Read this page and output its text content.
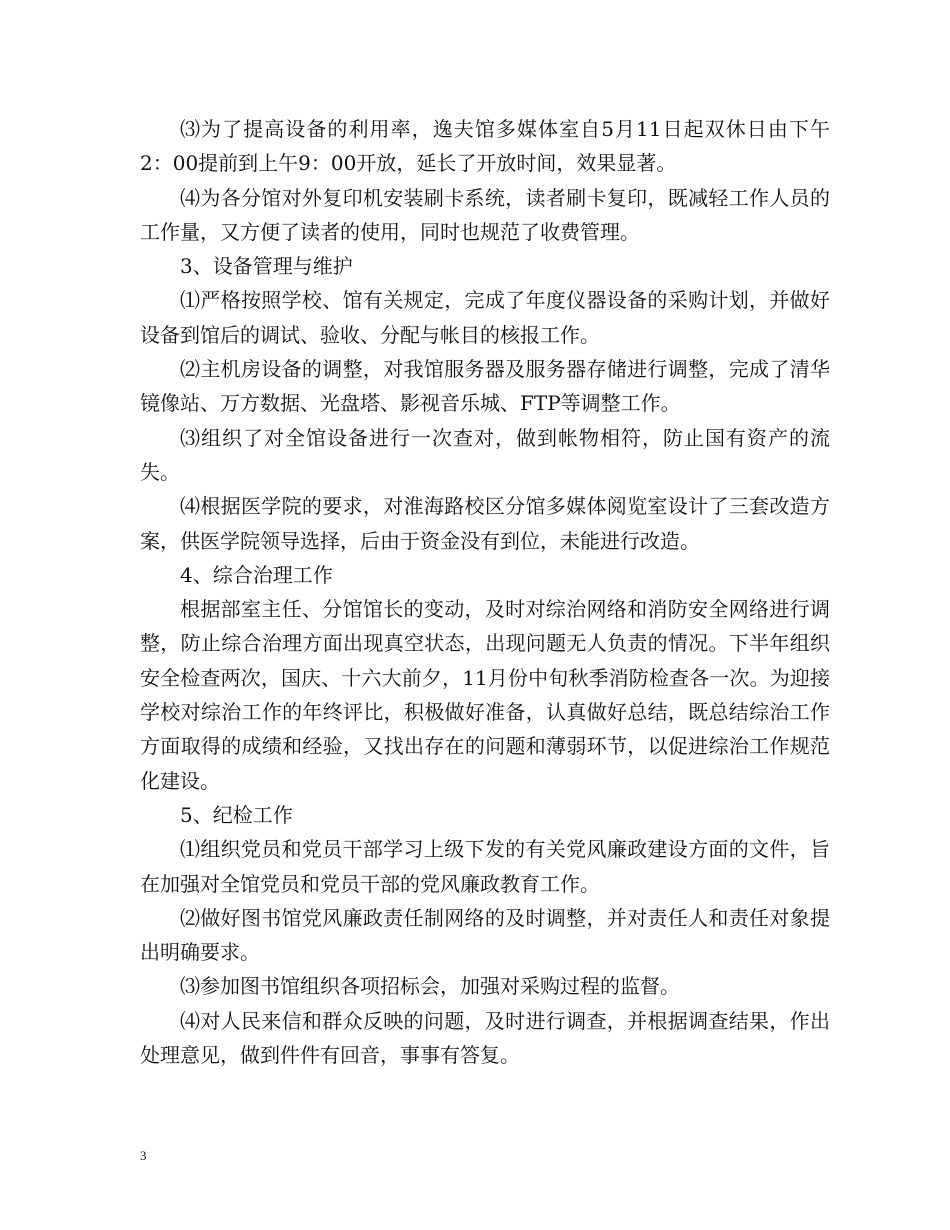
⑶为了提高设备的利用率，逸夫馆多媒体室自5月11日起双休日由下午2：00提前到上午9：00开放，延长了开放时间，效果显著。

⑷为各分馆对外复印机安装刷卡系统，读者刷卡复印，既减轻工作人员的工作量，又方便了读者的使用，同时也规范了收费管理。

3、设备管理与维护

⑴严格按照学校、馆有关规定，完成了年度仪器设备的采购计划，并做好设备到馆后的调试、验收、分配与帐目的核报工作。

⑵主机房设备的调整，对我馆服务器及服务器存储进行调整，完成了清华镜像站、万方数据、光盘塔、影视音乐城、FTP等调整工作。

⑶组织了对全馆设备进行一次查对，做到帐物相符，防止国有资产的流失。

⑷根据医学院的要求，对淮海路校区分馆多媒体阅览室设计了三套改造方案，供医学院领导选择，后由于资金没有到位，未能进行改造。

4、综合治理工作

根据部室主任、分馆馆长的变动，及时对综治网络和消防安全网络进行调整，防止综合治理方面出现真空状态，出现问题无人负责的情况。下半年组织安全检查两次，国庆、十六大前夕，11月份中旬秋季消防检查各一次。为迎接学校对综治工作的年终评比，积极做好准备，认真做好总结，既总结综治工作方面取得的成绩和经验，又找出存在的问题和薄弱环节，以促进综治工作规范化建设。

5、纪检工作

⑴组织党员和党员干部学习上级下发的有关党风廉政建设方面的文件，旨在加强对全馆党员和党员干部的党风廉政教育工作。

⑵做好图书馆党风廉政责任制网络的及时调整，并对责任人和责任对象提出明确要求。

⑶参加图书馆组织各项招标会，加强对采购过程的监督。

⑷对人民来信和群众反映的问题，及时进行调查，并根据调查结果，作出处理意见，做到件件有回音，事事有答复。

3
